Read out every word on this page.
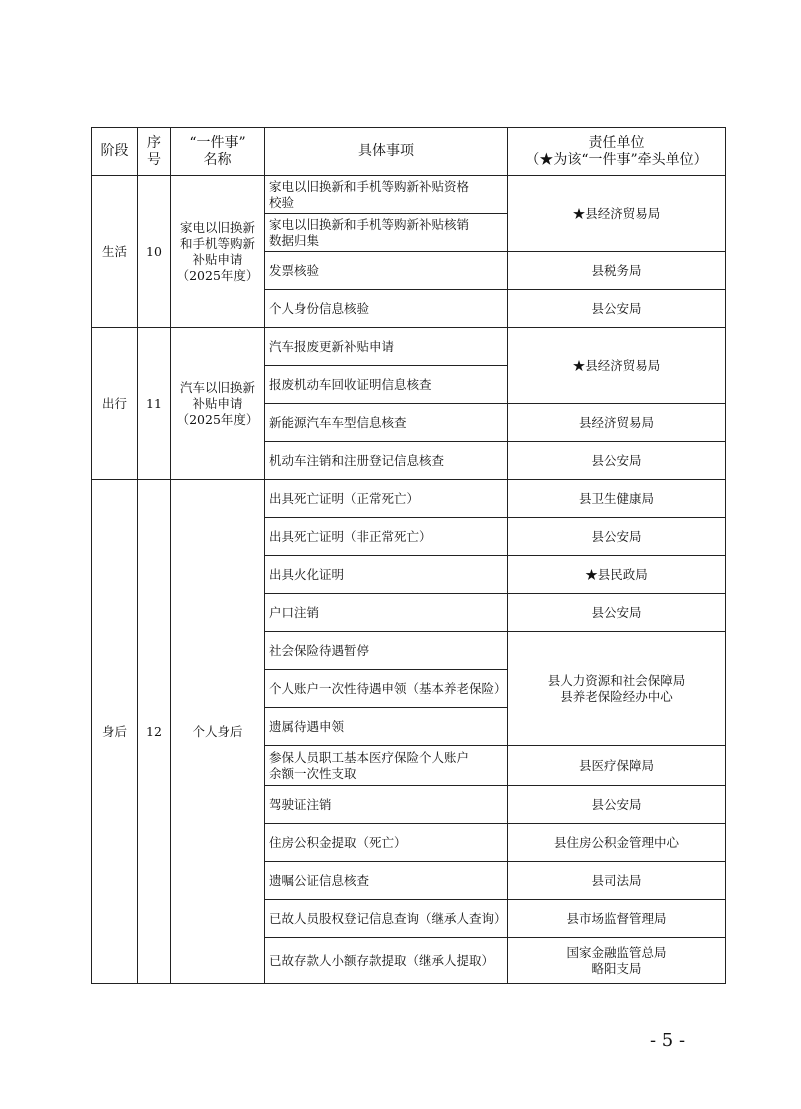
阶段	序
号	“一件事”
名称	具体事项	责任单位
（★为该“一件事”牵头单位）

生活	10	家电以旧换新
和手机等购新
补贴申请
（2025年度）	家电以旧换新和手机等购新补贴资格
校验	★县经济贸易局

			家电以旧换新和手机等购新补贴核销
数据归集	

			发票核验	县税务局
			个人身份信息核验	县公安局
出行	11	汽车以旧换新
补贴申请
（2025年度）	汽车报废更新补贴申请	★县经济贸易局
			报废机动车回收证明信息核查	
			新能源汽车车型信息核查	县经济贸易局
			机动车注销和注册登记信息核查	县公安局
身后	12	个人身后	出具死亡证明（正常死亡）	县卫生健康局
			出具死亡证明（非正常死亡）	县公安局
			出具火化证明	★县民政局
			户口注销	县公安局
			社会保险待遇暂停	县人力资源和社会保障局
县养老保险经办中心

			个人账户一次性待遇申领（基本养老保险）	
			遗属待遇申领	

			参保人员职工基本医疗保险个人账户
余额一次性支取	县医疗保障局
			驾驶证注销	县公安局
			住房公积金提取（死亡）	县住房公积金管理中心
			遗嘱公证信息核查	县司法局
			已故人员股权登记信息查询（继承人查询）	县市场监督管理局
			已故存款人小额存款提取（继承人提取）	国家金融监管总局
略阳支局
- 5 -
